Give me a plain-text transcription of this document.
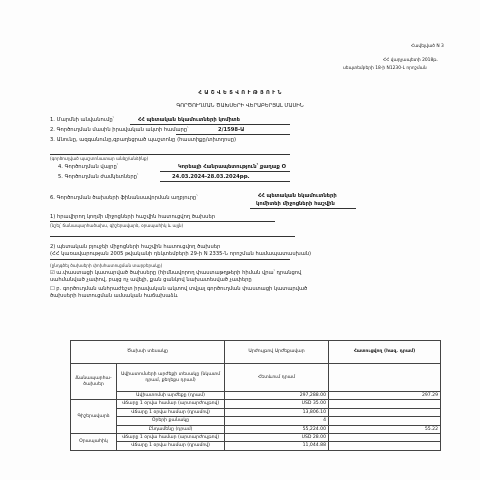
Հավելված N 3
ՀՀ վարչապետի 2018թ.
սեպտեմբերի 18-ի N1230-Լ որոշման
Հ Ա Շ Վ Ե Տ Վ Ո Ւ Թ Յ Ո Ւ Ն
ԳՈՐԾՈՒՂՄԱՆ ԾԱԽՍԵՐԻ ՎԵՐԱԲԵՐՅԱԼ ՄԱՍԻՆ
1. Մարմնի անվանումը՝	ՀՀ պետական եկամուտների կոմիտե
2. Գործուղման մասին իրավական ակտի համարը՝	2/1598-Ա
3. Անունը, ազգանունը,զբաղեցրած պաշտոնը (հաստիքը/տիտղոսը)
(գործուղված պաշտոնատար անձը/անձինք)
4. Գործուղման վայրը՝	Կորեայի Հանրապետություն՝ քաղաք Օ
5. Գործուղման ժամկետները՝	24.03.2024-28.03.2024թթ.
6. Գործուղման ծախսերի ֆինանսավորման աղբյուրը՝	ՀՀ պետական եկամուտների
կոմիտեի միջոցների հաշվին
1) հրավիրող կողմի միջոցների հաշվին հատուցվող ծախսեր
(նշել՝ ճանապարհածախս, գիշերավարձ, օրապահիկ և այլն)
2) պետական բյուջեի միջոցների հաշվին հատուցվող ծախսեր
(ՀՀ կառավարության 2005 թվականի դեկտեմբերի 29-ի N 2335-Ն որոշման համապատասխան)
(ընդգծել ծախսերի փոխհատուցման տարբերակը)
☑ ա.փաստացի կատարված ծախսերը (հիմնավորող փաստաթղթերի հիման վրա՝ դրանցով
սահմանված չափով, բայց ոչ ավելի, քան ցանկով նախատեսված չափերը
☐ բ. գործուղման անհրաժեշտ իրավական ակտով տվյալ գործուղման փաստացի կատարված
ծախսերի հատուցման ամսական հաճախաձև
Ծախսի տեսակը		Արժույթով Արժեքավար	Հատուցվող (հազ. դրամ)
Ճանապարհա- ծախսեր	Ավիատոմսերի արժեքի տեսակը (նկատմ դրամ, քեղեքս դրամ)	Հետևում դրամ	
	Ավիատոմսի արժեքը (դրամ)	297,288.00	297.29
Գիշերավարձ	Վճարը 1 օրվա համար (արտարժույթով)	USD 35.00	
	Վճարը 1 օրվա համար (դրամով)	13,806.10	
	Օրերի քանակը	4	
	Ընդամենը (դրամ)	55,224.00	55.22
Օրապահիկ	Վճարը 1 օրվա համար (արտարժույթով)	USD 28.00	
	Վճարը 1 օրվա համար (դրամով)	11,044.88	
